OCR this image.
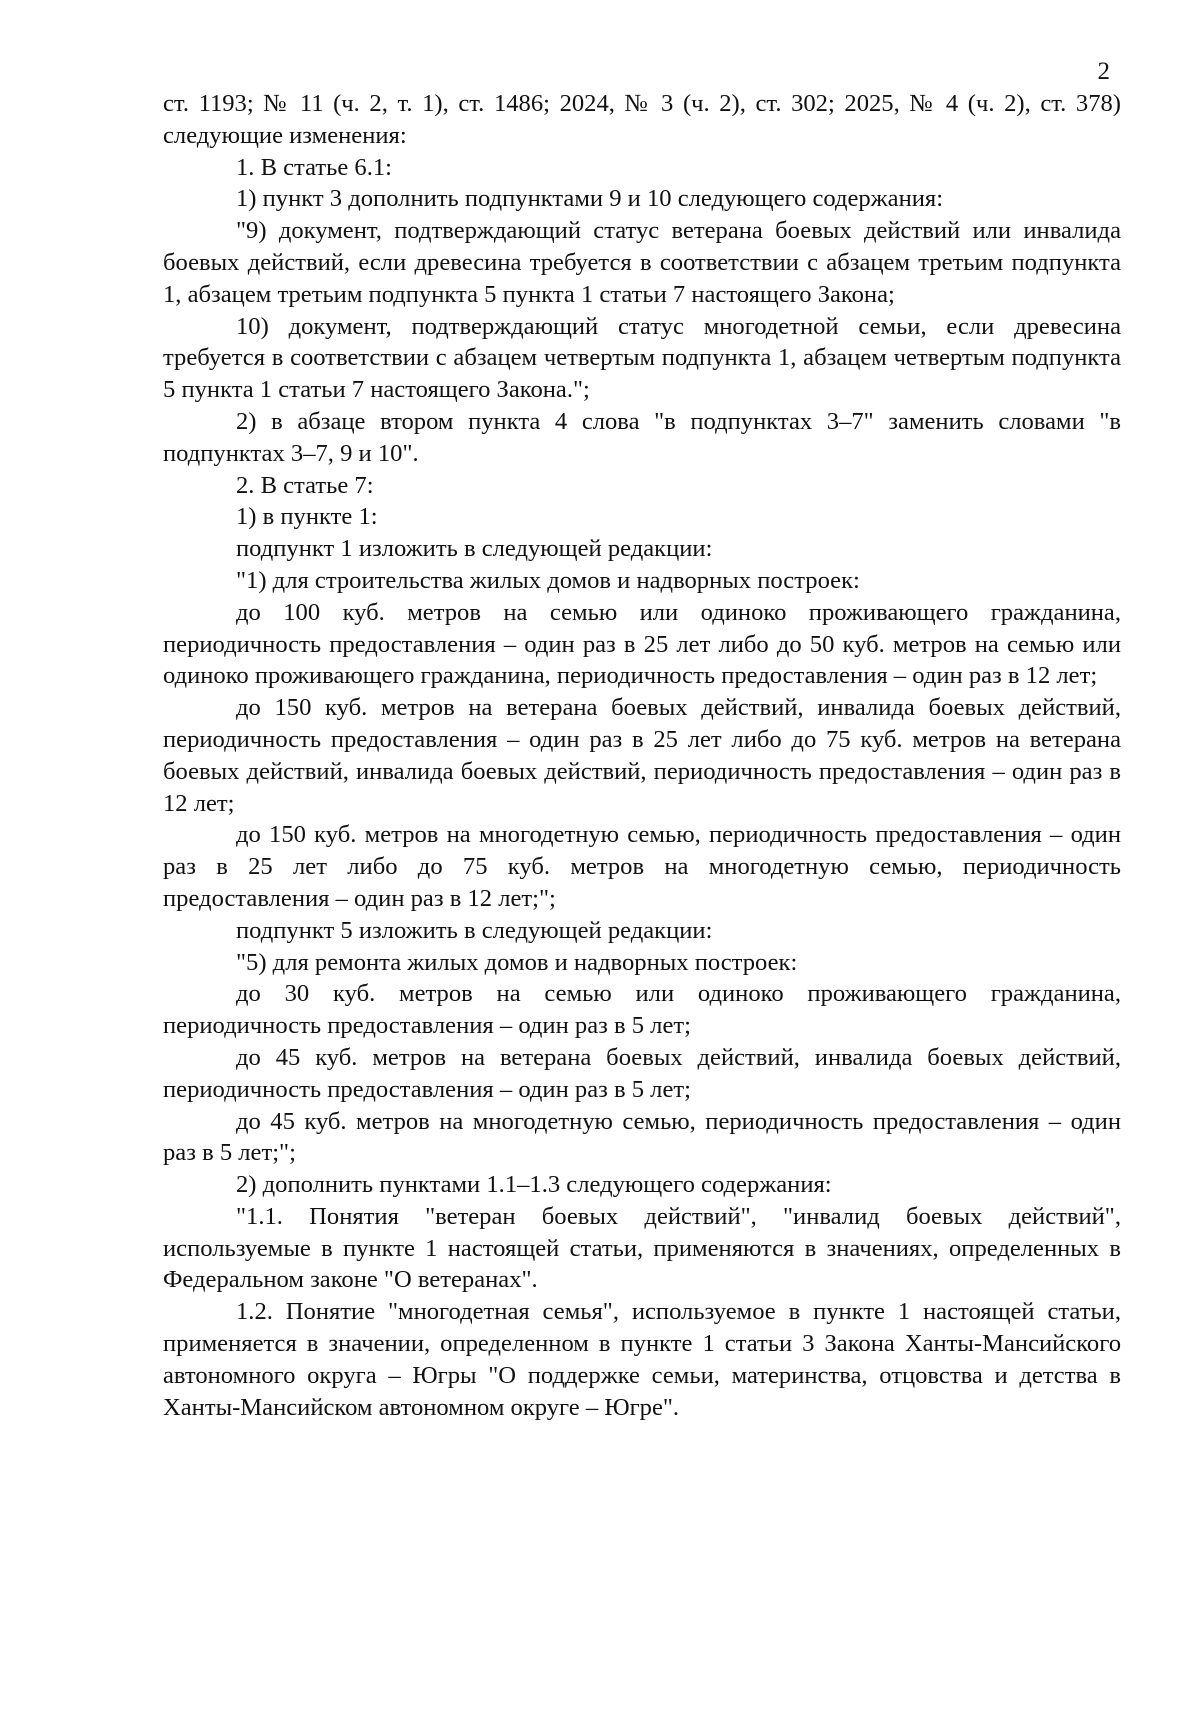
2

ст. 1193; № 11 (ч. 2, т. 1), ст. 1486; 2024, № 3 (ч. 2), ст. 302; 2025, № 4 (ч. 2), ст. 378) следующие изменения:

1. В статье 6.1:

1) пункт 3 дополнить подпунктами 9 и 10 следующего содержания:

"9) документ, подтверждающий статус ветерана боевых действий или инвалида боевых действий, если древесина требуется в соответствии с абзацем третьим подпункта 1, абзацем третьим подпункта 5 пункта 1 статьи 7 настоящего Закона;

10) документ, подтверждающий статус многодетной семьи, если древесина требуется в соответствии с абзацем четвертым подпункта 1, абзацем четвертым подпункта 5 пункта 1 статьи 7 настоящего Закона.";

2) в абзаце втором пункта 4 слова "в подпунктах 3–7" заменить словами "в подпунктах 3–7, 9 и 10".

2. В статье 7:

1) в пункте 1:

подпункт 1 изложить в следующей редакции:

"1) для строительства жилых домов и надворных построек:

до 100 куб. метров на семью или одиноко проживающего гражданина, периодичность предоставления – один раз в 25 лет либо до 50 куб. метров на семью или одиноко проживающего гражданина, периодичность предоставления – один раз в 12 лет;

до 150 куб. метров на ветерана боевых действий, инвалида боевых действий, периодичность предоставления – один раз в 25 лет либо до 75 куб. метров на ветерана боевых действий, инвалида боевых действий, периодичность предоставления – один раз в 12 лет;

до 150 куб. метров на многодетную семью, периодичность предоставления – один раз в 25 лет либо до 75 куб. метров на многодетную семью, периодичность предоставления – один раз в 12 лет;";

подпункт 5 изложить в следующей редакции:

"5) для ремонта жилых домов и надворных построек:

до 30 куб. метров на семью или одиноко проживающего гражданина, периодичность предоставления – один раз в 5 лет;

до 45 куб. метров на ветерана боевых действий, инвалида боевых действий, периодичность предоставления – один раз в 5 лет;

до 45 куб. метров на многодетную семью, периодичность предоставления – один раз в 5 лет;";

2) дополнить пунктами 1.1–1.3 следующего содержания:

"1.1. Понятия "ветеран боевых действий", "инвалид боевых действий", используемые в пункте 1 настоящей статьи, применяются в значениях, определенных в Федеральном законе "О ветеранах".

1.2. Понятие "многодетная семья", используемое в пункте 1 настоящей статьи, применяется в значении, определенном в пункте 1 статьи 3 Закона Ханты-Мансийского автономного округа – Югры "О поддержке семьи, материнства, отцовства и детства в Ханты-Мансийском автономном округе – Югре".
